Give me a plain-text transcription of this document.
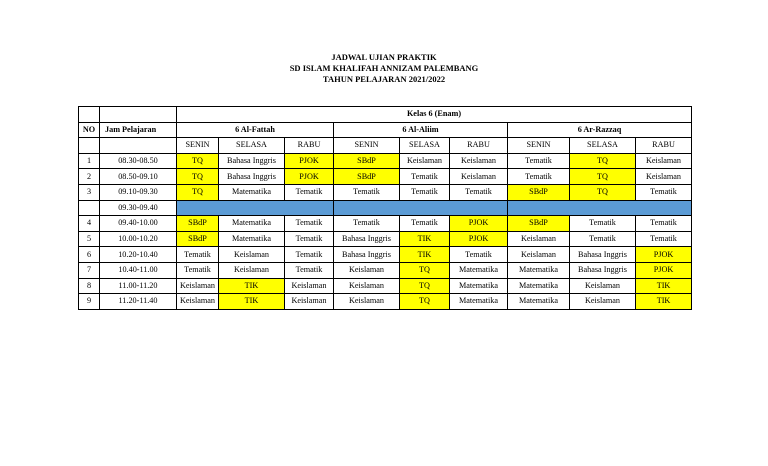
JADWAL UJIAN PRAKTIK
SD ISLAM KHALIFAH ANNIZAM PALEMBANG
TAHUN PELAJARAN 2021/2022
		Kelas 6 (Enam)								
NO	Jam Pelajaran	6 Al-Fattah			6 Al-Aliim			6 Ar-Razzaq		
		SENIN	SELASA	RABU	SENIN	SELASA	RABU	SENIN	SELASA	RABU
1	08.30-08.50	TQ	Bahasa Inggris	PJOK	SBdP	Keislaman	Keislaman	Tematik	TQ	Keislaman
2	08.50-09.10	TQ	Bahasa Inggris	PJOK	SBdP	Tematik	Keislaman	Tematik	TQ	Keislaman
3	09.10-09.30	TQ	Matematika	Tematik	Tematik	Tematik	Tematik	SBdP	TQ	Tematik
	09.30-09.40									
4	09.40-10.00	SBdP	Matematika	Tematik	Tematik	Tematik	PJOK	SBdP	Tematik	Tematik
5	10.00-10.20	SBdP	Matematika	Tematik	Bahasa Inggris	TIK	PJOK	Keislaman	Tematik	Tematik
6	10.20-10.40	Tematik	Keislaman	Tematik	Bahasa Inggris	TIK	Tematik	Keislaman	Bahasa Inggris	PJOK
7	10.40-11.00	Tematik	Keislaman	Tematik	Keislaman	TQ	Matematika	Matematika	Bahasa Inggris	PJOK
8	11.00-11.20	Keislaman	TIK	Keislaman	Keislaman	TQ	Matematika	Matematika	Keislaman	TIK
9	11.20-11.40	Keislaman	TIK	Keislaman	Keislaman	TQ	Matematika	Matematika	Keislaman	TIK
